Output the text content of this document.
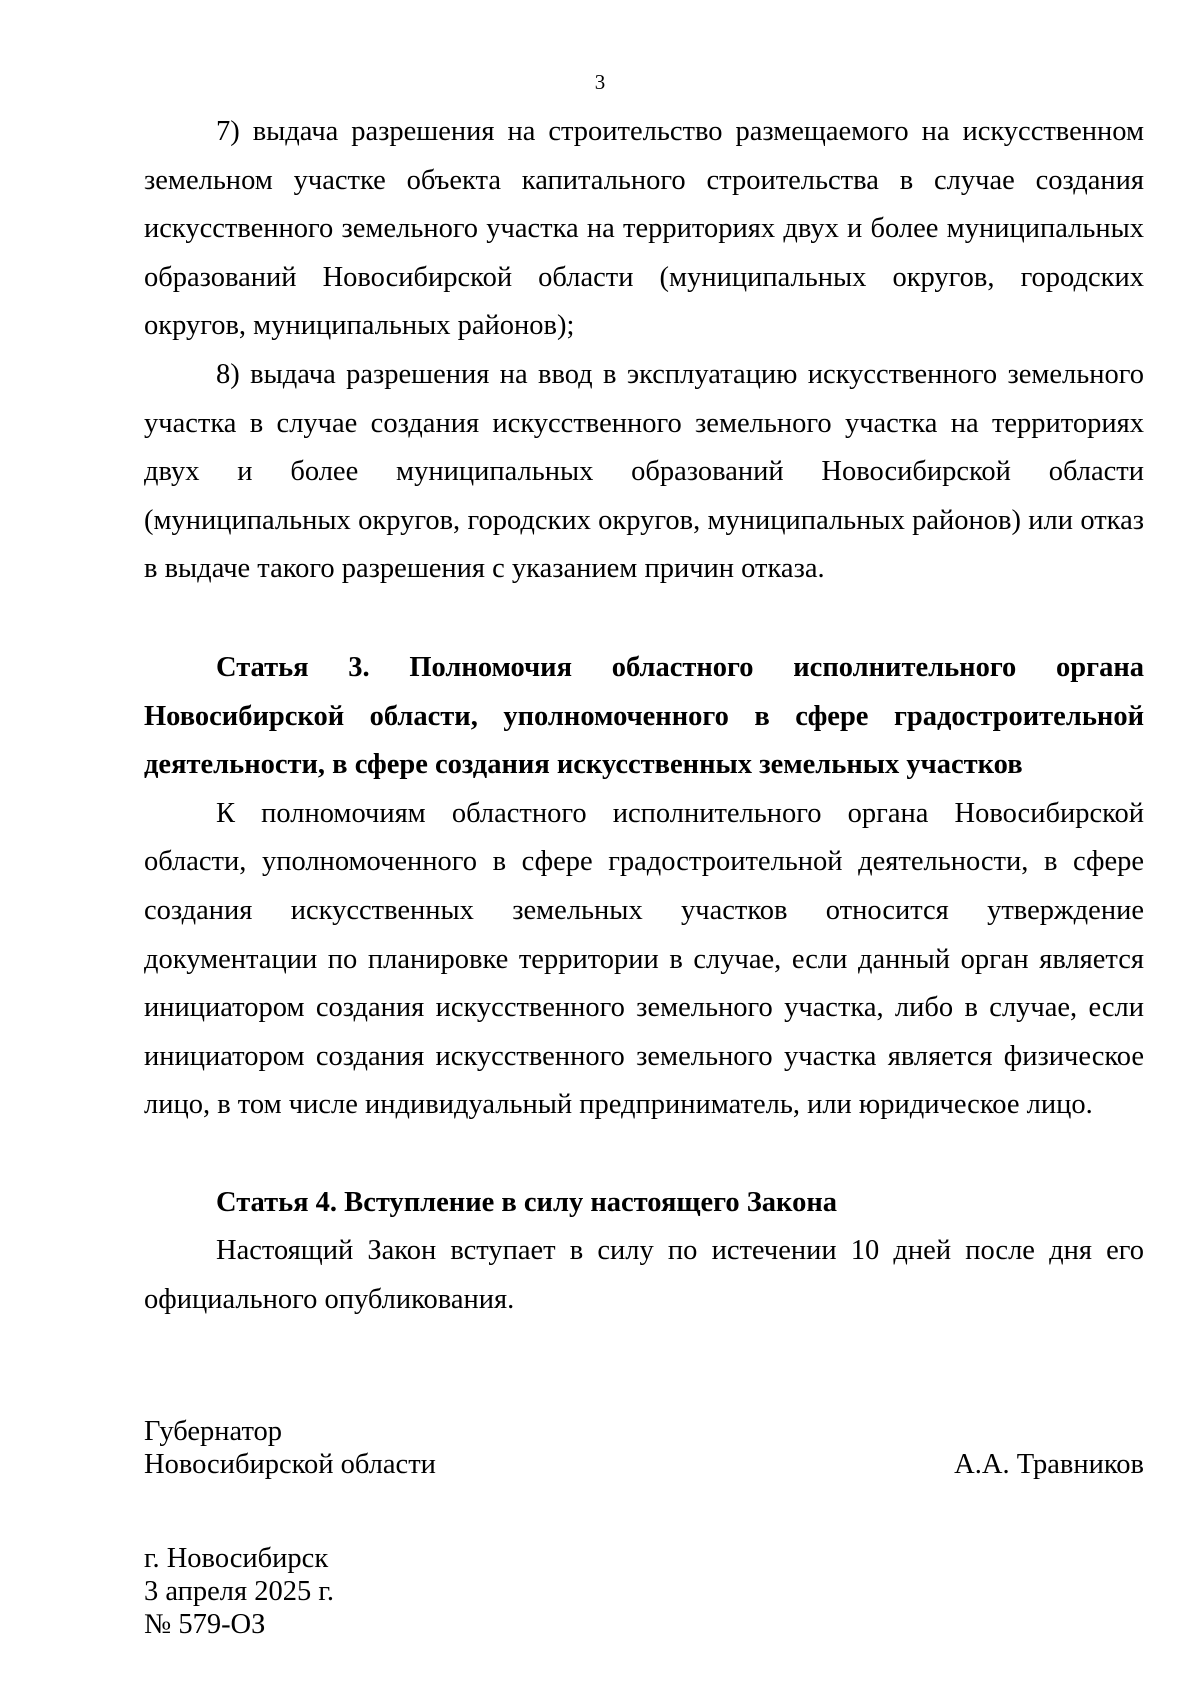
3

7) выдача разрешения на строительство размещаемого на искусственном земельном участке объекта капитального строительства в случае создания искусственного земельного участка на территориях двух и более муниципальных образований Новосибирской области (муниципальных округов, городских округов, муниципальных районов);

8) выдача разрешения на ввод в эксплуатацию искусственного земельного участка в случае создания искусственного земельного участка на территориях двух и более муниципальных образований Новосибирской области (муниципальных округов, городских округов, муниципальных районов) или отказ в выдаче такого разрешения с указанием причин отказа.

Статья 3. Полномочия областного исполнительного органа Новосибирской области, уполномоченного в сфере градостроительной деятельности, в сфере создания искусственных земельных участков

К полномочиям областного исполнительного органа Новосибирской области, уполномоченного в сфере градостроительной деятельности, в сфере создания искусственных земельных участков относится утверждение документации по планировке территории в случае, если данный орган является инициатором создания искусственного земельного участка, либо в случае, если инициатором создания искусственного земельного участка является физическое лицо, в том числе индивидуальный предприниматель, или юридическое лицо.

Статья 4. Вступление в силу настоящего Закона

Настоящий Закон вступает в силу по истечении 10 дней после дня его официального опубликования.

Губернатор
Новосибирской области	А.А. Травников
г. Новосибирск
3 апреля 2025 г.
№ 579-ОЗ
